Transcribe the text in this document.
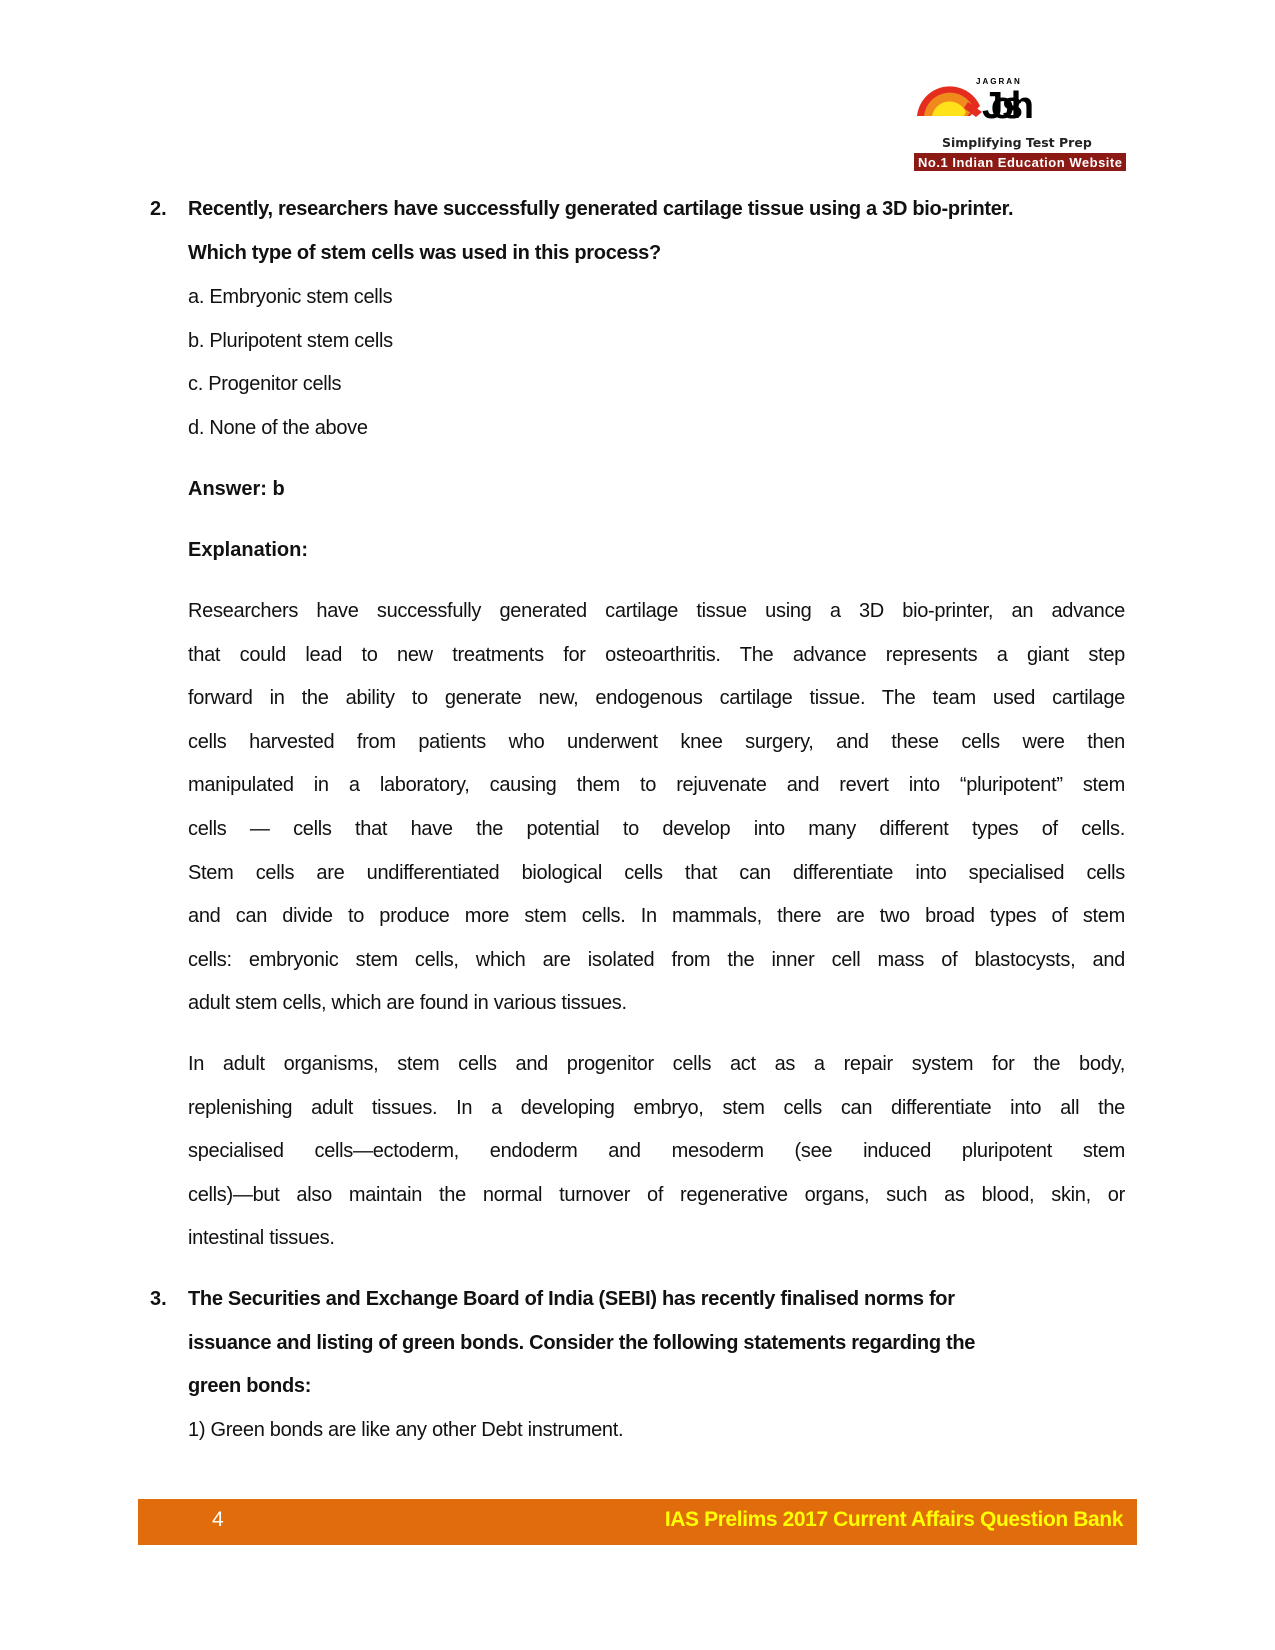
JAGRAN
Josh
Simplifying Test Prep
No.1 Indian Education Website
2. Recently, researchers have successfully generated cartilage tissue using a 3D bio-printer.
Which type of stem cells was used in this process?
a. Embryonic stem cells
b. Pluripotent stem cells
c. Progenitor cells
d. None of the above
Answer: b
Explanation:
Researchers have successfully generated cartilage tissue using a 3D bio-printer, an advance
that could lead to new treatments for osteoarthritis. The advance represents a giant step
forward in the ability to generate new, endogenous cartilage tissue. The team used cartilage
cells harvested from patients who underwent knee surgery, and these cells were then
manipulated in a laboratory, causing them to rejuvenate and revert into “pluripotent” stem
cells — cells that have the potential to develop into many different types of cells.
Stem cells are undifferentiated biological cells that can differentiate into specialised cells
and can divide to produce more stem cells. In mammals, there are two broad types of stem
cells: embryonic stem cells, which are isolated from the inner cell mass of blastocysts, and
adult stem cells, which are found in various tissues.
In adult organisms, stem cells and progenitor cells act as a repair system for the body,
replenishing adult tissues. In a developing embryo, stem cells can differentiate into all the
specialised cells—ectoderm, endoderm and mesoderm (see induced pluripotent stem
cells)—but also maintain the normal turnover of regenerative organs, such as blood, skin, or
intestinal tissues.
3. The Securities and Exchange Board of India (SEBI) has recently finalised norms for
issuance and listing of green bonds. Consider the following statements regarding the
green bonds:
1) Green bonds are like any other Debt instrument.
4	IAS Prelims 2017 Current Affairs Question Bank
